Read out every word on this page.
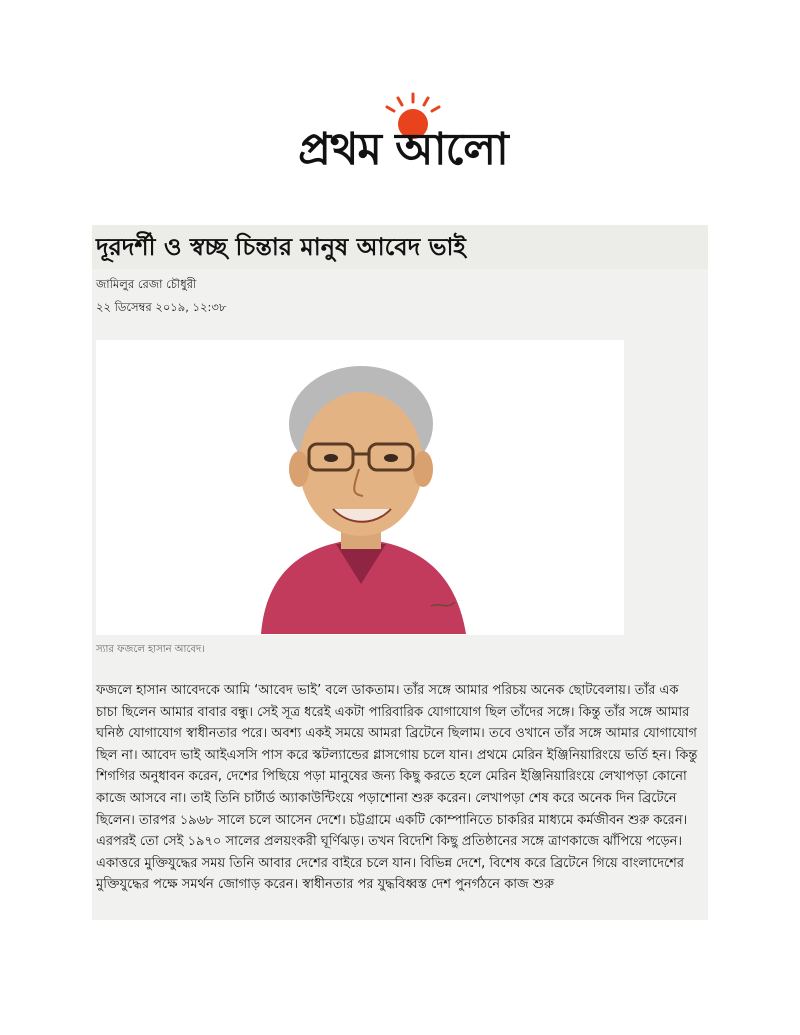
প্রথম আলো
দূরদর্শী ও স্বচ্ছ চিন্তার মানুষ আবেদ ভাই
জামিলুর রেজা চৌধুরী
২২ ডিসেম্বর ২০১৯, ১২:৩৮
স্যার ফজলে হাসান আবেদ।

ফজলে হাসান আবেদকে আমি ‘আবেদ ভাই’ বলে ডাকতাম। তাঁর সঙ্গে আমার পরিচয় অনেক ছোটবেলায়। তাঁর এক চাচা ছিলেন আমার বাবার বন্ধু। সেই সূত্র ধরেই একটা পারিবারিক যোগাযোগ ছিল তাঁদের সঙ্গে। কিন্তু তাঁর সঙ্গে আমার ঘনিষ্ঠ যোগাযোগ স্বাধীনতার পরে। অবশ্য একই সময়ে আমরা ব্রিটেনে ছিলাম। তবে ওখানে তাঁর সঙ্গে আমার যোগাযোগ ছিল না। আবেদ ভাই আইএসসি পাস করে স্কটল্যান্ডের গ্লাসগোয় চলে যান। প্রথমে মেরিন ইঞ্জিনিয়ারিংয়ে ভর্তি হন। কিন্তু শিগগির অনুধাবন করেন, দেশের পিছিয়ে পড়া মানুষের জন্য কিছু করতে হলে মেরিন ইঞ্জিনিয়ারিংয়ে লেখাপড়া কোনো কাজে আসবে না। তাই তিনি চার্টার্ড অ্যাকাউন্টিংয়ে পড়াশোনা শুরু করেন। লেখাপড়া শেষ করে অনেক দিন ব্রিটেনে ছিলেন। তারপর ১৯৬৮ সালে চলে আসেন দেশে। চট্টগ্রামে একটি কোম্পানিতে চাকরির মাধ্যমে কর্মজীবন শুরু করেন। এরপরই তো সেই ১৯৭০ সালের প্রলয়ংকরী ঘূর্ণিঝড়। তখন বিদেশি কিছু প্রতিষ্ঠানের সঙ্গে ত্রাণকাজে ঝাঁপিয়ে পড়েন।

একাত্তরে মুক্তিযুদ্ধের সময় তিনি আবার দেশের বাইরে চলে যান। বিভিন্ন দেশে, বিশেষ করে ব্রিটেনে গিয়ে বাংলাদেশের মুক্তিযুদ্ধের পক্ষে সমর্থন জোগাড় করেন। স্বাধীনতার পর যুদ্ধবিধ্বস্ত দেশ পুনর্গঠনে কাজ শুরু
